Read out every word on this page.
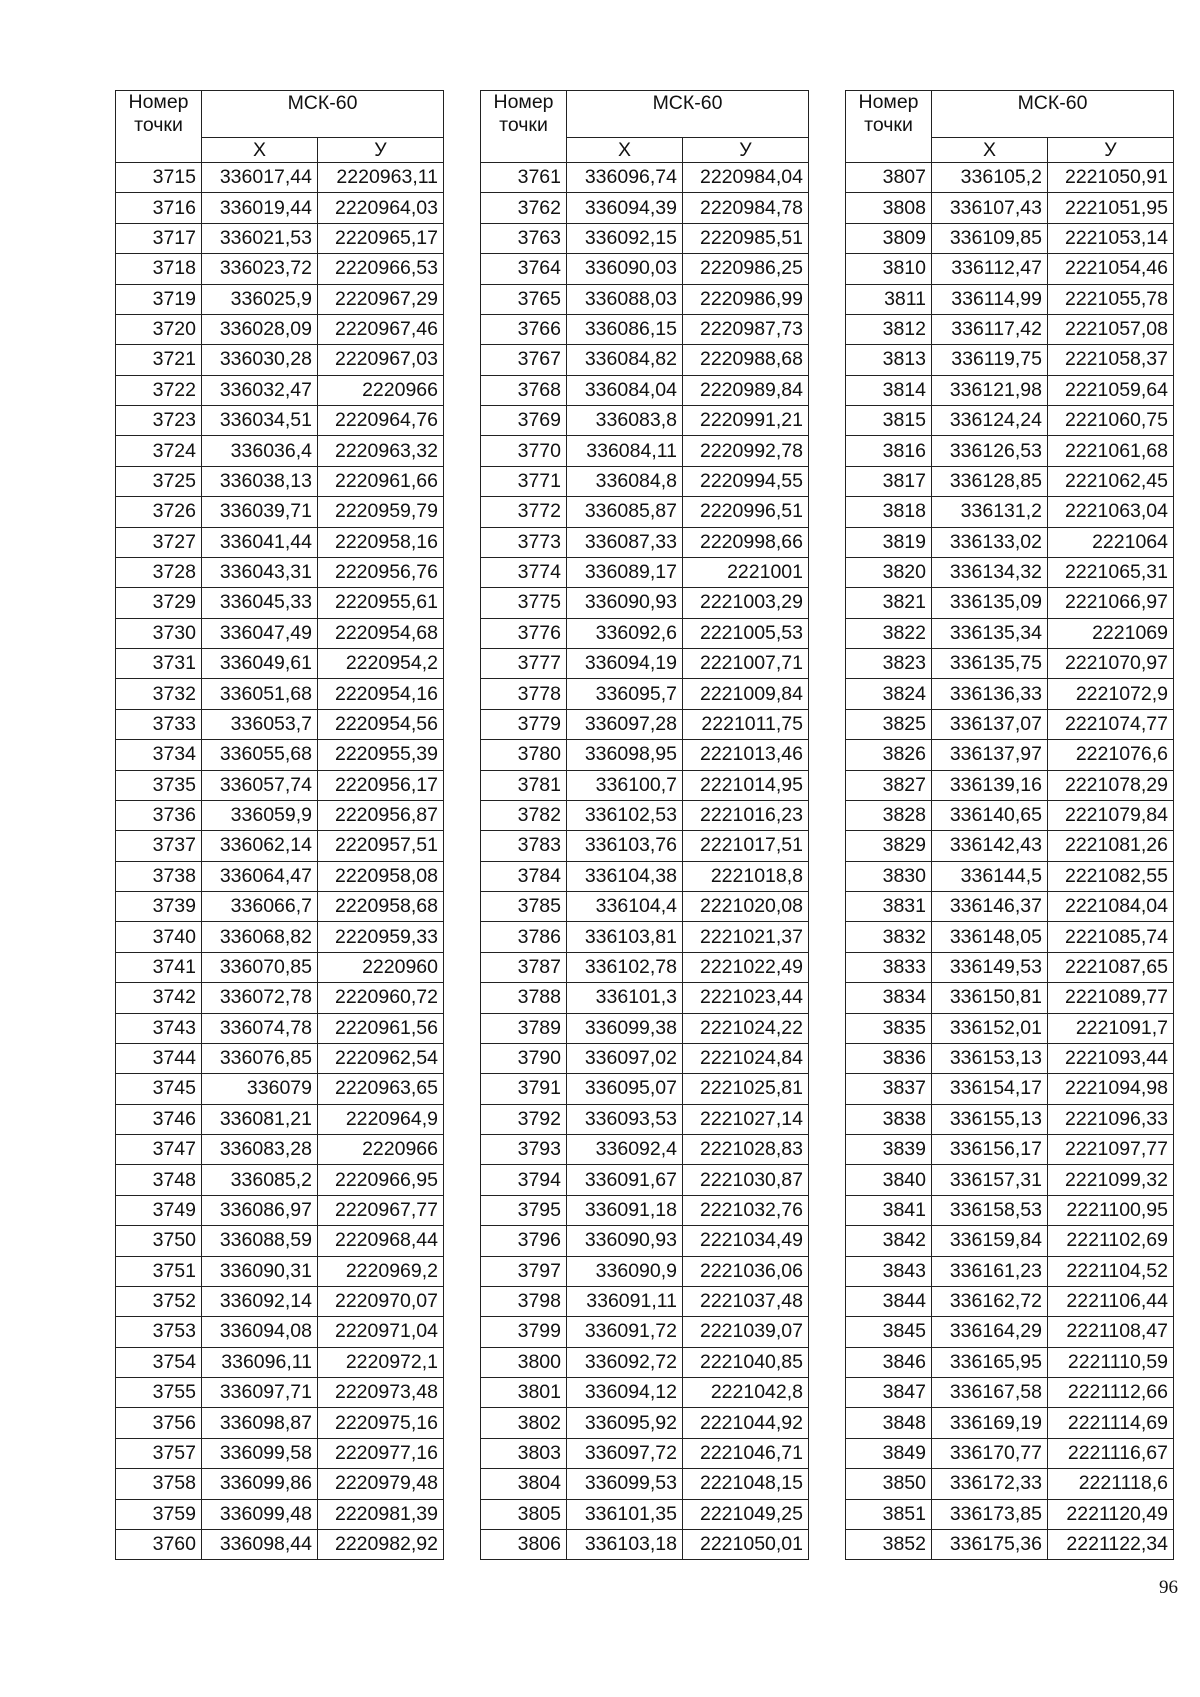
Номер
точки	МСК-60	
	X	У
3715	336017,44	2220963,11
3716	336019,44	2220964,03
3717	336021,53	2220965,17
3718	336023,72	2220966,53
3719	336025,9	2220967,29
3720	336028,09	2220967,46
3721	336030,28	2220967,03
3722	336032,47	2220966
3723	336034,51	2220964,76
3724	336036,4	2220963,32
3725	336038,13	2220961,66
3726	336039,71	2220959,79
3727	336041,44	2220958,16
3728	336043,31	2220956,76
3729	336045,33	2220955,61
3730	336047,49	2220954,68
3731	336049,61	2220954,2
3732	336051,68	2220954,16
3733	336053,7	2220954,56
3734	336055,68	2220955,39
3735	336057,74	2220956,17
3736	336059,9	2220956,87
3737	336062,14	2220957,51
3738	336064,47	2220958,08
3739	336066,7	2220958,68
3740	336068,82	2220959,33
3741	336070,85	2220960
3742	336072,78	2220960,72
3743	336074,78	2220961,56
3744	336076,85	2220962,54
3745	336079	2220963,65
3746	336081,21	2220964,9
3747	336083,28	2220966
3748	336085,2	2220966,95
3749	336086,97	2220967,77
3750	336088,59	2220968,44
3751	336090,31	2220969,2
3752	336092,14	2220970,07
3753	336094,08	2220971,04
3754	336096,11	2220972,1
3755	336097,71	2220973,48
3756	336098,87	2220975,16
3757	336099,58	2220977,16
3758	336099,86	2220979,48
3759	336099,48	2220981,39
3760	336098,44	2220982,92
Номер
точки	МСК-60	
	X	У
3761	336096,74	2220984,04
3762	336094,39	2220984,78
3763	336092,15	2220985,51
3764	336090,03	2220986,25
3765	336088,03	2220986,99
3766	336086,15	2220987,73
3767	336084,82	2220988,68
3768	336084,04	2220989,84
3769	336083,8	2220991,21
3770	336084,11	2220992,78
3771	336084,8	2220994,55
3772	336085,87	2220996,51
3773	336087,33	2220998,66
3774	336089,17	2221001
3775	336090,93	2221003,29
3776	336092,6	2221005,53
3777	336094,19	2221007,71
3778	336095,7	2221009,84
3779	336097,28	2221011,75
3780	336098,95	2221013,46
3781	336100,7	2221014,95
3782	336102,53	2221016,23
3783	336103,76	2221017,51
3784	336104,38	2221018,8
3785	336104,4	2221020,08
3786	336103,81	2221021,37
3787	336102,78	2221022,49
3788	336101,3	2221023,44
3789	336099,38	2221024,22
3790	336097,02	2221024,84
3791	336095,07	2221025,81
3792	336093,53	2221027,14
3793	336092,4	2221028,83
3794	336091,67	2221030,87
3795	336091,18	2221032,76
3796	336090,93	2221034,49
3797	336090,9	2221036,06
3798	336091,11	2221037,48
3799	336091,72	2221039,07
3800	336092,72	2221040,85
3801	336094,12	2221042,8
3802	336095,92	2221044,92
3803	336097,72	2221046,71
3804	336099,53	2221048,15
3805	336101,35	2221049,25
3806	336103,18	2221050,01
Номер
точки	МСК-60	
	X	У
3807	336105,2	2221050,91
3808	336107,43	2221051,95
3809	336109,85	2221053,14
3810	336112,47	2221054,46
3811	336114,99	2221055,78
3812	336117,42	2221057,08
3813	336119,75	2221058,37
3814	336121,98	2221059,64
3815	336124,24	2221060,75
3816	336126,53	2221061,68
3817	336128,85	2221062,45
3818	336131,2	2221063,04
3819	336133,02	2221064
3820	336134,32	2221065,31
3821	336135,09	2221066,97
3822	336135,34	2221069
3823	336135,75	2221070,97
3824	336136,33	2221072,9
3825	336137,07	2221074,77
3826	336137,97	2221076,6
3827	336139,16	2221078,29
3828	336140,65	2221079,84
3829	336142,43	2221081,26
3830	336144,5	2221082,55
3831	336146,37	2221084,04
3832	336148,05	2221085,74
3833	336149,53	2221087,65
3834	336150,81	2221089,77
3835	336152,01	2221091,7
3836	336153,13	2221093,44
3837	336154,17	2221094,98
3838	336155,13	2221096,33
3839	336156,17	2221097,77
3840	336157,31	2221099,32
3841	336158,53	2221100,95
3842	336159,84	2221102,69
3843	336161,23	2221104,52
3844	336162,72	2221106,44
3845	336164,29	2221108,47
3846	336165,95	2221110,59
3847	336167,58	2221112,66
3848	336169,19	2221114,69
3849	336170,77	2221116,67
3850	336172,33	2221118,6
3851	336173,85	2221120,49
3852	336175,36	2221122,34
96
